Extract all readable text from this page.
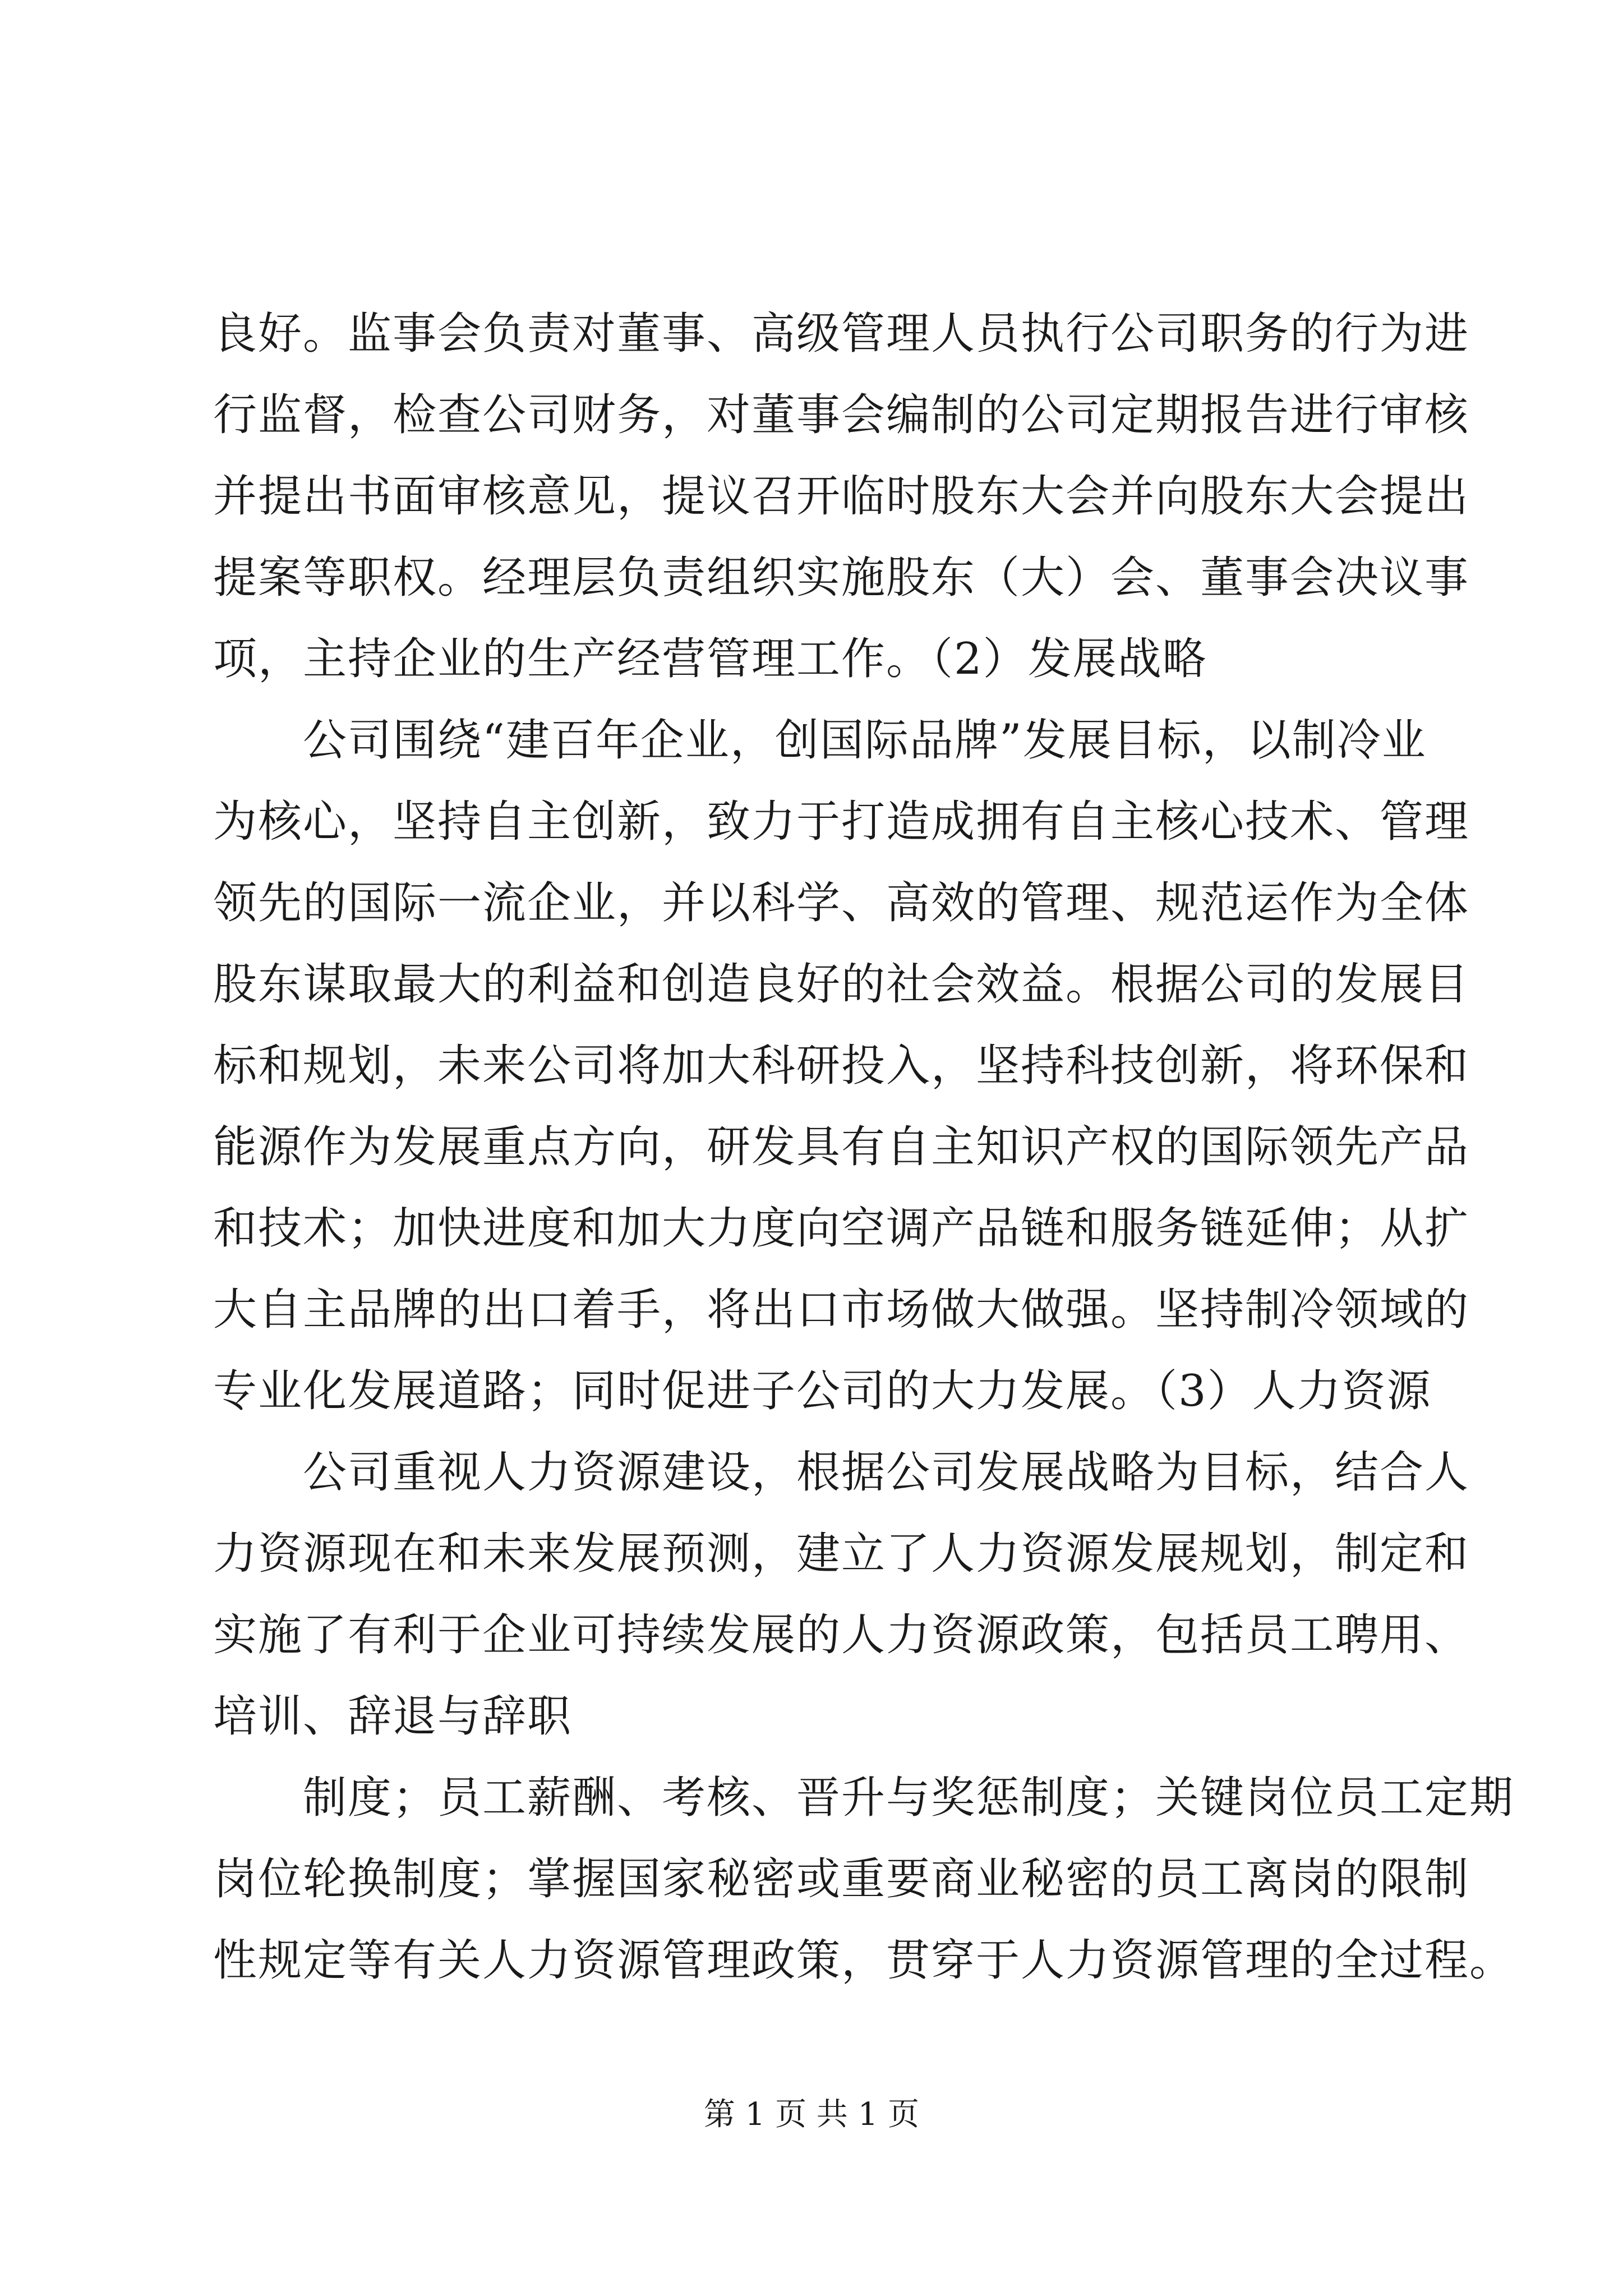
良好。监事会负责对董事、高级管理人员执行公司职务的行为进
行监督，检查公司财务，对董事会编制的公司定期报告进行审核
并提出书面审核意见，提议召开临时股东大会并向股东大会提出
提案等职权。经理层负责组织实施股东（大）会、董事会决议事
项，主持企业的生产经营管理工作。（2）发展战略
公司围绕“建百年企业，创国际品牌”发展目标，以制冷业
为核心，坚持自主创新，致力于打造成拥有自主核心技术、管理
领先的国际一流企业，并以科学、高效的管理、规范运作为全体
股东谋取最大的利益和创造良好的社会效益。根据公司的发展目
标和规划，未来公司将加大科研投入，坚持科技创新，将环保和
能源作为发展重点方向，研发具有自主知识产权的国际领先产品
和技术；加快进度和加大力度向空调产品链和服务链延伸；从扩
大自主品牌的出口着手，将出口市场做大做强。坚持制冷领域的
专业化发展道路；同时促进子公司的大力发展。（3）人力资源
公司重视人力资源建设，根据公司发展战略为目标，结合人
力资源现在和未来发展预测，建立了人力资源发展规划，制定和
实施了有利于企业可持续发展的人力资源政策，包括员工聘用、
培训、辞退与辞职
制度；员工薪酬、考核、晋升与奖惩制度；关键岗位员工定期
岗位轮换制度；掌握国家秘密或重要商业秘密的员工离岗的限制
性规定等有关人力资源管理政策，贯穿于人力资源管理的全过程。
第 1 页 共 1 页
